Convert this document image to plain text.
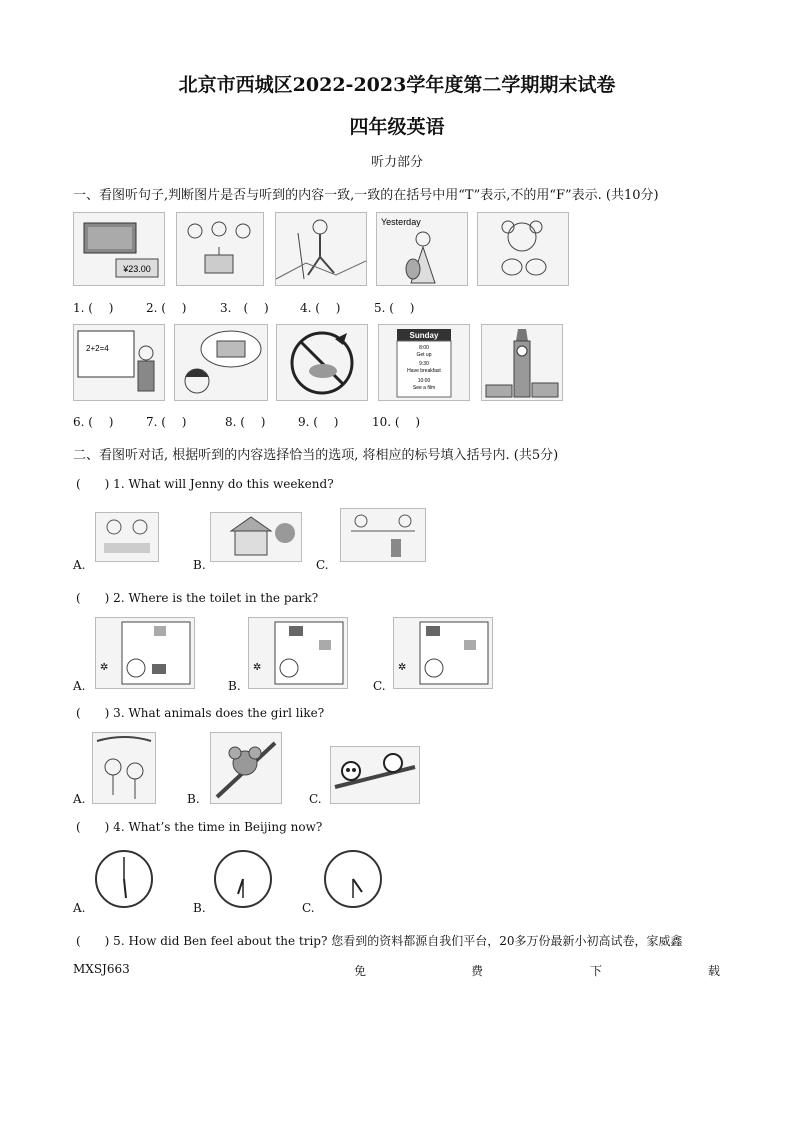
北京市西城区2022-2023学年度第二学期期末试卷
四年级英语
听力部分
一、看图听句子,判断图片是否与听到的内容一致,一致的在括号中用“T”表示,不的用“F”表示. (共10分)
¥23.00
Yesterday
1. (　 )	2. (　 )	3.　(　 )	4. (　 )	5. (　 )
2+2=4
Sunday
8:00
Get up
9:30
Have breakfast
10:00
See a film
6. (　 )	7. (　 )	8. (　 )	9. (　 )	10. (　 )
二、看图听对话, 根据听到的内容选择恰当的选项, 将相应的标号填入括号内. (共5分)
(　　) 1. What will Jenny do this weekend?
A.	B.	C.
(　　) 2. Where is the toilet in the park?
A.
✲
B.
✲
C.
✲
(　　) 3. What animals does the girl like?
A.	B.	C.
(　　) 4. What’s the time in Beijing now?
A.	B.	C.
(　　) 5. How did Ben feel about the trip? 您看到的资料都源自我们平台，20多万份最新小初高试卷，家威鑫
MXSJ663	免	费	下	载
